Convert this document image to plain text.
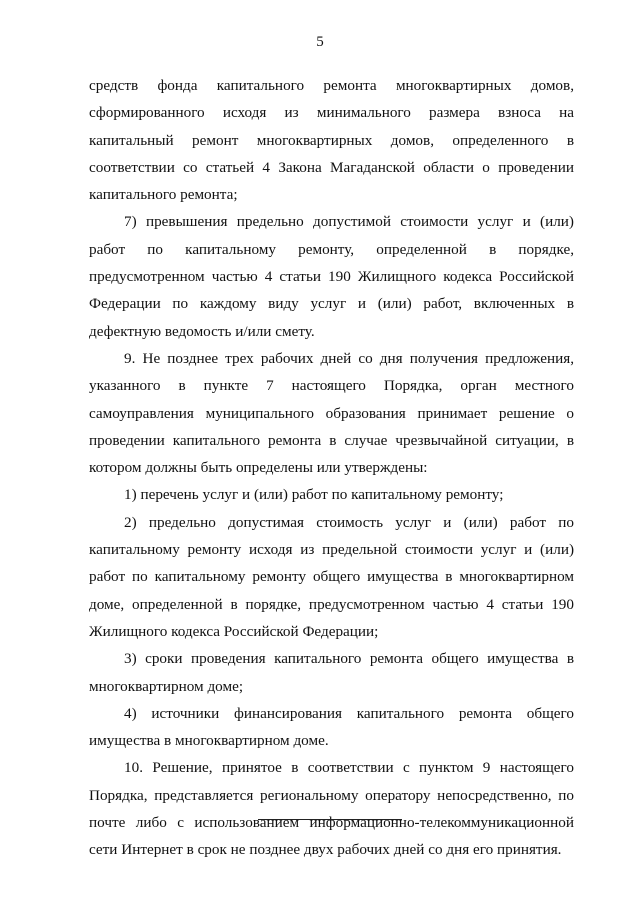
5

средств фонда капитального ремонта многоквартирных домов, сформированного исходя из минимального размера взноса на капитальный ремонт многоквартирных домов, определенного в соответствии со статьей 4 Закона Магаданской области о проведении капитального ремонта;

7) превышения предельно допустимой стоимости услуг и (или) работ по капитальному ремонту, определенной в порядке, предусмотренном частью 4 статьи 190 Жилищного кодекса Российской Федерации по каждому виду услуг и (или) работ, включенных в дефектную ведомость и/или смету.

9. Не позднее трех рабочих дней со дня получения предложения, указанного в пункте 7 настоящего Порядка, орган местного самоуправления муниципального образования принимает решение о проведении капитального ремонта в случае чрезвычайной ситуации, в котором должны быть определены или утверждены:

1) перечень услуг и (или) работ по капитальному ремонту;

2) предельно допустимая стоимость услуг и (или) работ по капитальному ремонту исходя из предельной стоимости услуг и (или) работ по капитальному ремонту общего имущества в многоквартирном доме, определенной в порядке, предусмотренном частью 4 статьи 190 Жилищного кодекса Российской Федерации;

3) сроки проведения капитального ремонта общего имущества в многоквартирном доме;

4) источники финансирования капитального ремонта общего имущества в многоквартирном доме.

10. Решение, принятое в соответствии с пунктом 9 настоящего Порядка, представляется региональному оператору непосредственно, по почте либо с использованием информационно-телекоммуникационной сети Интернет в срок не позднее двух рабочих дней со дня его принятия.
